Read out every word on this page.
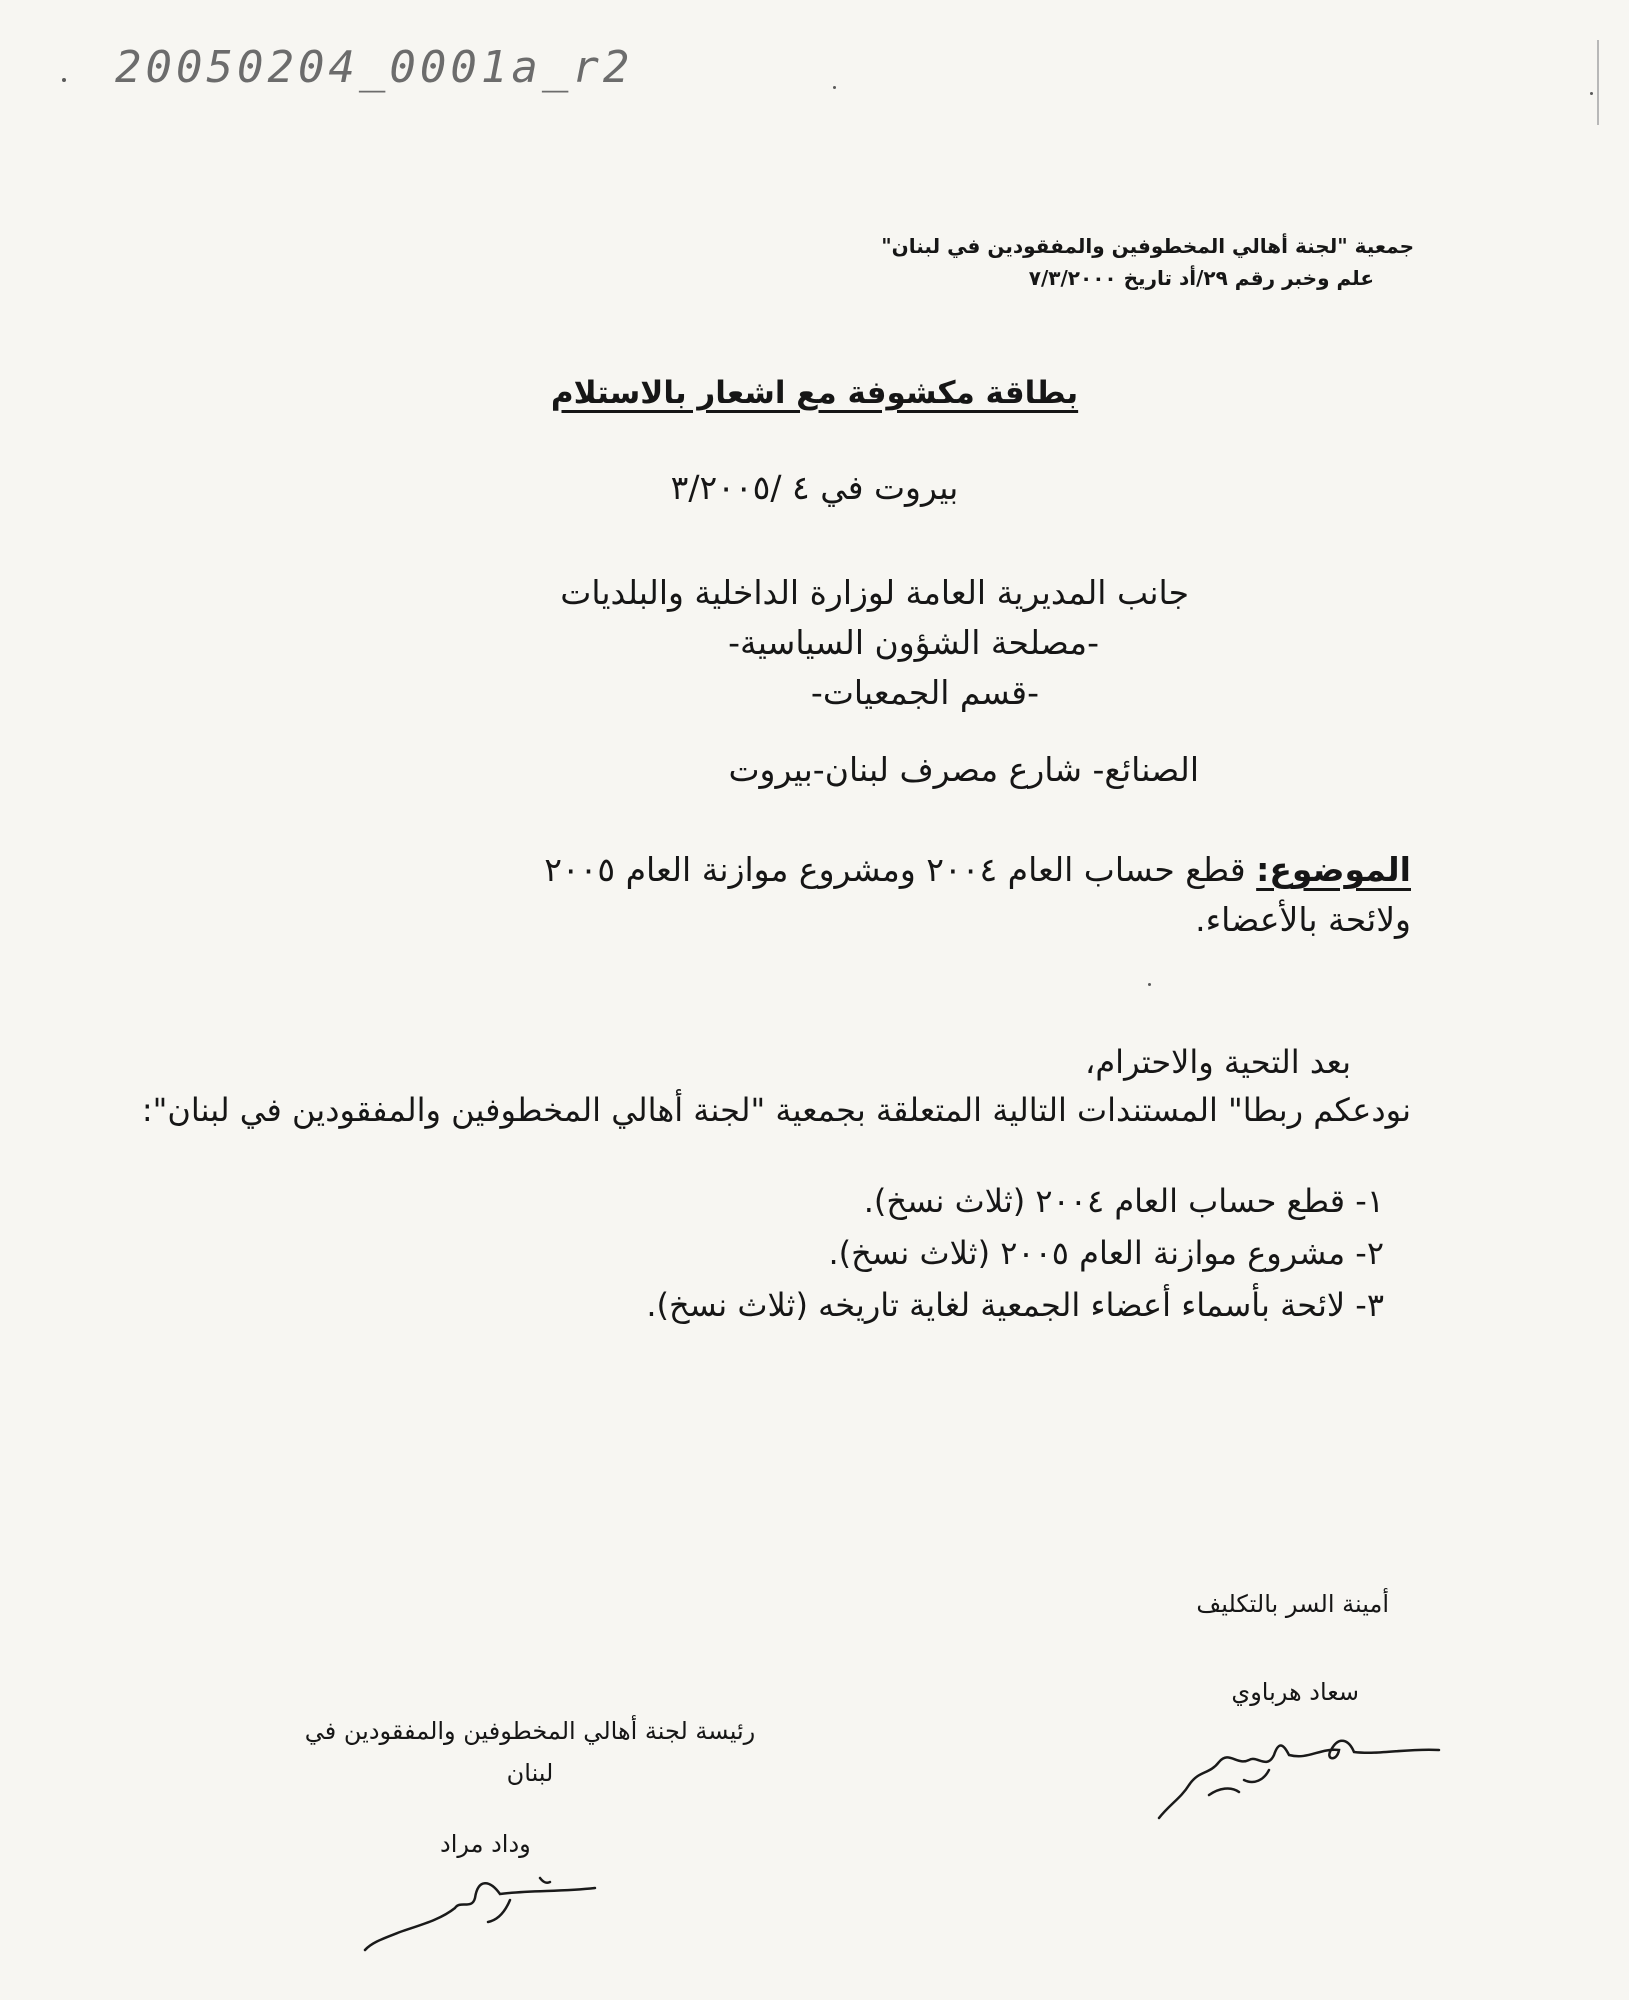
20050204_0001a_r2
جمعية "لجنة أهالي المخطوفين والمفقودين في لبنان"
علم وخبر رقم ٢٩/أد تاريخ ٧/٣/٢٠٠٠
بطاقة مكشوفة مع اشعار بالاستلام
بيروت في ٤ /٣/٢٠٠٥
جانب المديرية العامة لوزارة الداخلية والبلديات
-مصلحة الشؤون السياسية-
-قسم الجمعيات-
الصنائع- شارع مصرف لبنان-بيروت
الموضوع: قطع حساب العام ٢٠٠٤ ومشروع موازنة العام ٢٠٠٥
ولائحة بالأعضاء.
بعد التحية والاحترام،
نودعكم ربطا" المستندات التالية المتعلقة بجمعية "لجنة أهالي المخطوفين والمفقودين في لبنان":
١- قطع حساب العام ٢٠٠٤ (ثلاث نسخ).
٢- مشروع موازنة العام ٢٠٠٥ (ثلاث نسخ).
٣- لائحة بأسماء أعضاء الجمعية لغاية تاريخه (ثلاث نسخ).
أمينة السر بالتكليف
سعاد هرباوي
رئيسة لجنة أهالي المخطوفين والمفقودين في لبنان
وداد مراد
